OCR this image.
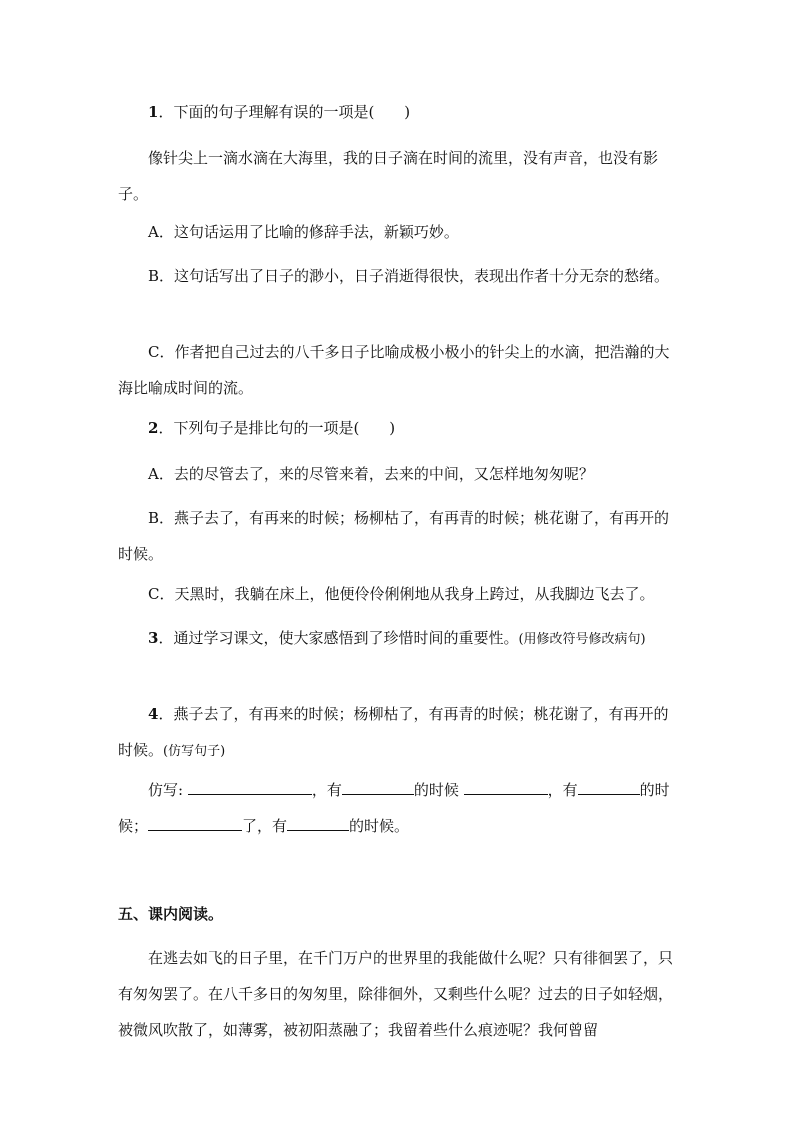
1．下面的句子理解有误的一项是(　　)

像针尖上一滴水滴在大海里，我的日子滴在时间的流里，没有声音，也没有影子。

A．这句话运用了比喻的修辞手法，新颖巧妙。

B．这句话写出了日子的渺小，日子消逝得很快，表现出作者十分无奈的愁绪。

C．作者把自己过去的八千多日子比喻成极小极小的针尖上的水滴，把浩瀚的大海比喻成时间的流。

2．下列句子是排比句的一项是(　　)

A．去的尽管去了，来的尽管来着，去来的中间，又怎样地匆匆呢？

B．燕子去了，有再来的时候；杨柳枯了，有再青的时候；桃花谢了，有再开的时候。

C．天黑时，我躺在床上，他便伶伶俐俐地从我身上跨过，从我脚边飞去了。

3．通过学习课文，使大家感悟到了珍惜时间的重要性。(用修改符号修改病句)

4．燕子去了，有再来的时候；杨柳枯了，有再青的时候；桃花谢了，有再开的时候。(仿写句子)

仿写:	，有	的时候	，有	的时候；	了，有	的时候。

五、课内阅读。

在逃去如飞的日子里，在千门万户的世界里的我能做什么呢？只有徘徊罢了，只有匆匆罢了。在八千多日的匆匆里，除徘徊外，又剩些什么呢？过去的日子如轻烟，被微风吹散了，如薄雾，被初阳蒸融了；我留着些什么痕迹呢？我何曾留
